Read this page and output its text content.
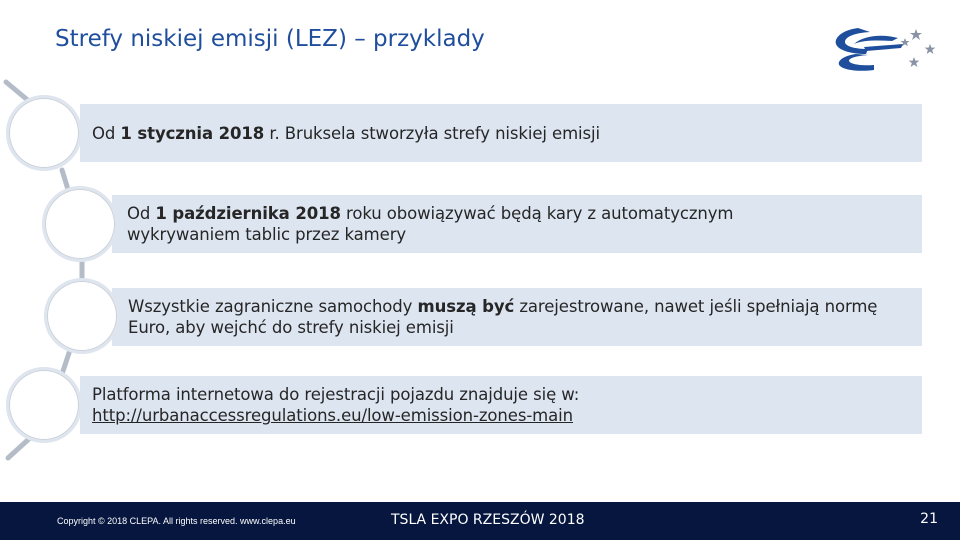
Strefy niskiej emisji (LEZ) – przyklady
Od 1 stycznia 2018 r. Bruksela stworzyła strefy niskiej emisji
Od 1 października 2018 roku obowiązywać będą kary z automatycznym wykrywaniem tablic przez kamery
Wszystkie zagraniczne samochody muszą być zarejestrowane, nawet jeśli spełniają normę Euro, aby wejchć do strefy niskiej emisji
Platforma internetowa do rejestracji pojazdu znajduje się w:
http://urbanaccessregulations.eu/low-emission-zones-main
Copyright © 2018 CLEPA. All rights reserved. www.clepa.eu	TSLA EXPO RZESZÓW 2018	21
